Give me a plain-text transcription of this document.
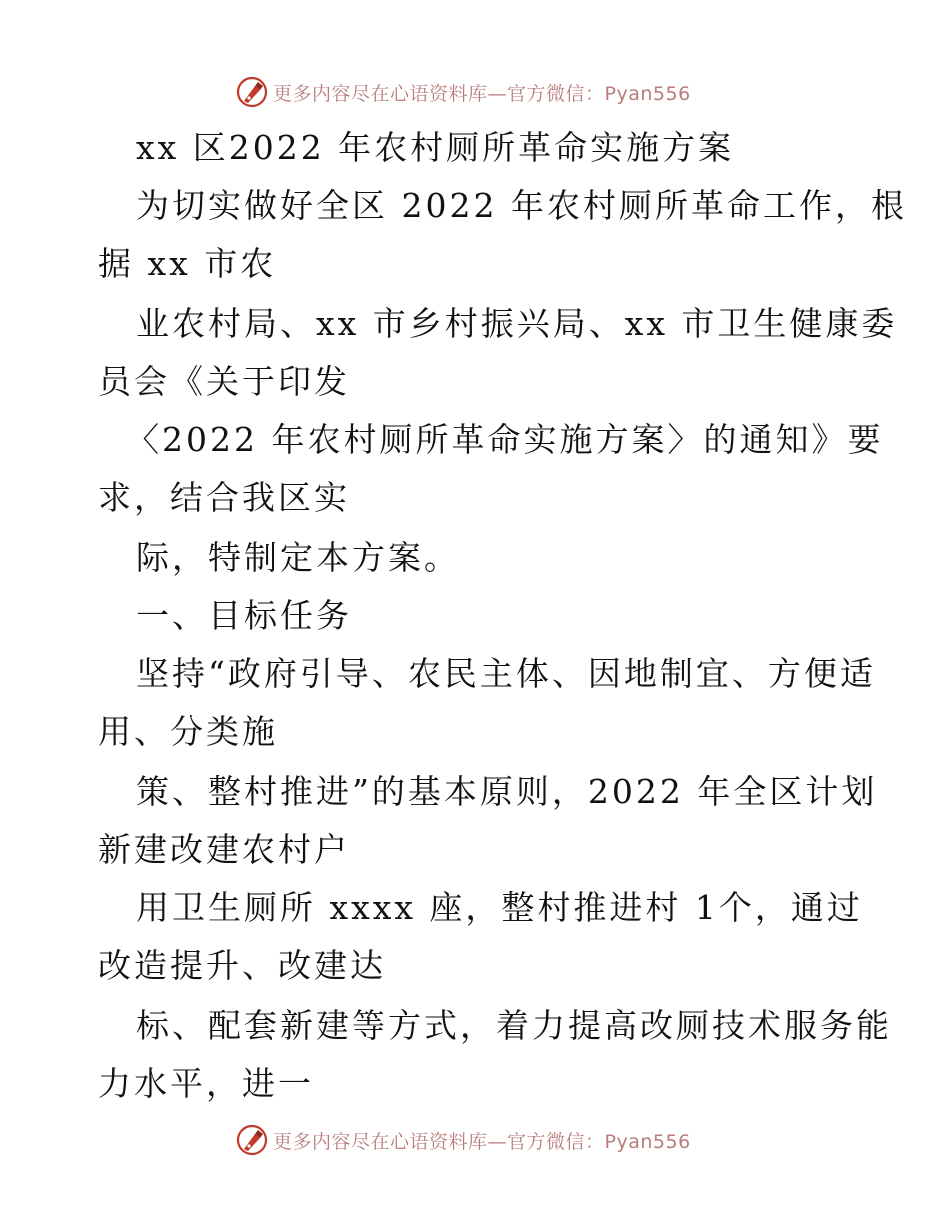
更多内容尽在心语资料库—官方微信：Pyan556
xx 区2022 年农村厕所革命实施方案
为切实做好全区 2022 年农村厕所革命工作，根
据 xx 市农
业农村局、xx 市乡村振兴局、xx 市卫生健康委
员会《关于印发
〈2022 年农村厕所革命实施方案〉的通知》要
求，结合我区实
际，特制定本方案。
一、目标任务
坚持“政府引导、农民主体、因地制宜、方便适
用、分类施
策、整村推进”的基本原则，2022 年全区计划
新建改建农村户
用卫生厕所 xxxx 座，整村推进村 1个，通过
改造提升、改建达
标、配套新建等方式，着力提高改厕技术服务能
力水平，进一
更多内容尽在心语资料库—官方微信：Pyan556
